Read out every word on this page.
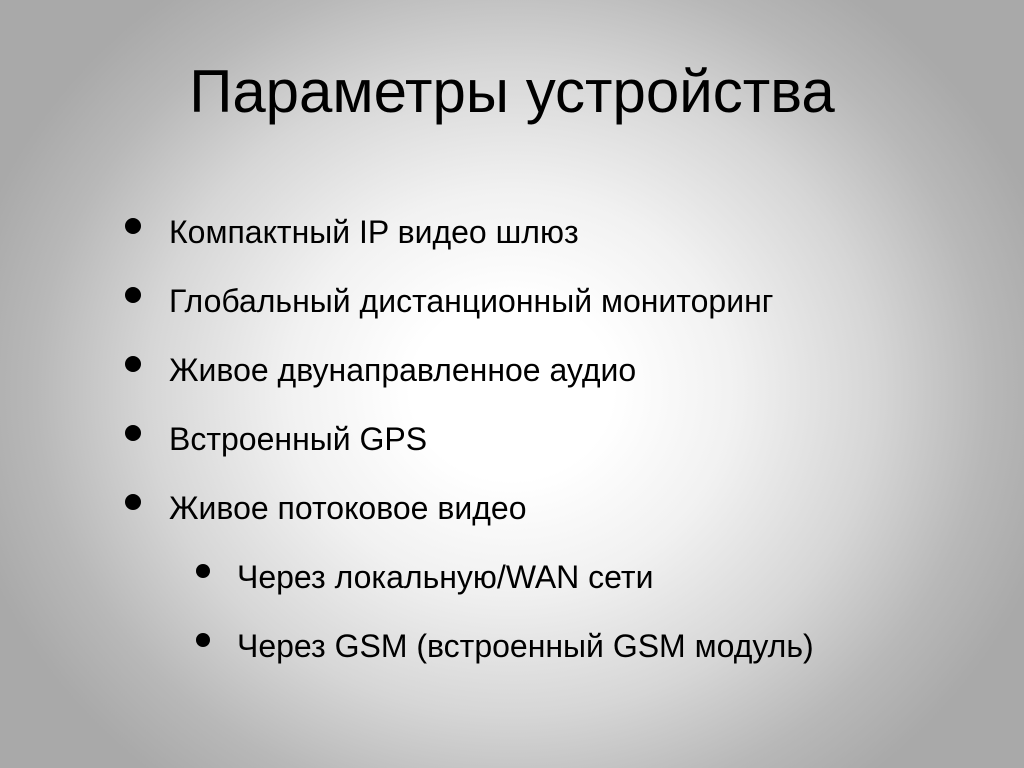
Параметры устройства
Компактный IP видео шлюз
Глобальный дистанционный мониторинг
Живое двунаправленное аудио
Встроенный GPS
Живое потоковое видео
Через локальную/WAN сети
Через GSM (встроенный GSM модуль)
